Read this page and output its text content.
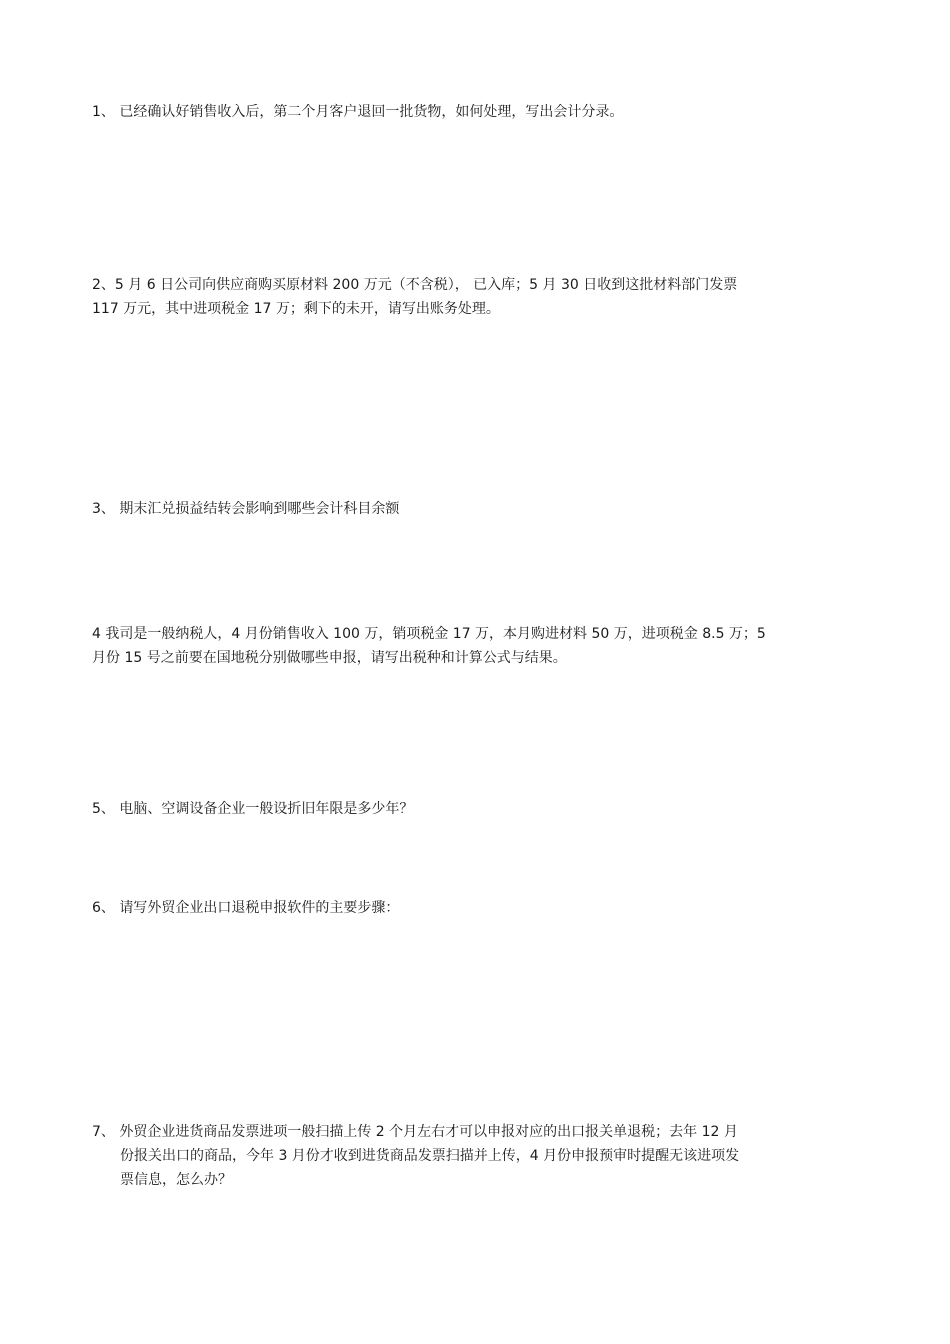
1、 已经确认好销售收入后，第二个月客户退回一批货物，如何处理，写出会计分录。

2、5 月 6 日公司向供应商购买原材料 200 万元（不含税）， 已入库；5 月 30 日收到这批材料部门发票
117 万元，其中进项税金 17 万；剩下的未开，请写出账务处理。

3、 期末汇兑损益结转会影响到哪些会计科目余额

4 我司是一般纳税人，4 月份销售收入 100 万，销项税金 17 万，本月购进材料 50 万，进项税金 8.5 万；5
月份 15 号之前要在国地税分别做哪些申报，请写出税种和计算公式与结果。

5、 电脑、空调设备企业一般设折旧年限是多少年？

6、 请写外贸企业出口退税申报软件的主要步骤：

7、 外贸企业进货商品发票进项一般扫描上传 2 个月左右才可以申报对应的出口报关单退税；去年 12 月
份报关出口的商品，今年 3 月份才收到进货商品发票扫描并上传，4 月份申报预审时提醒无该进项发
票信息，怎么办？
